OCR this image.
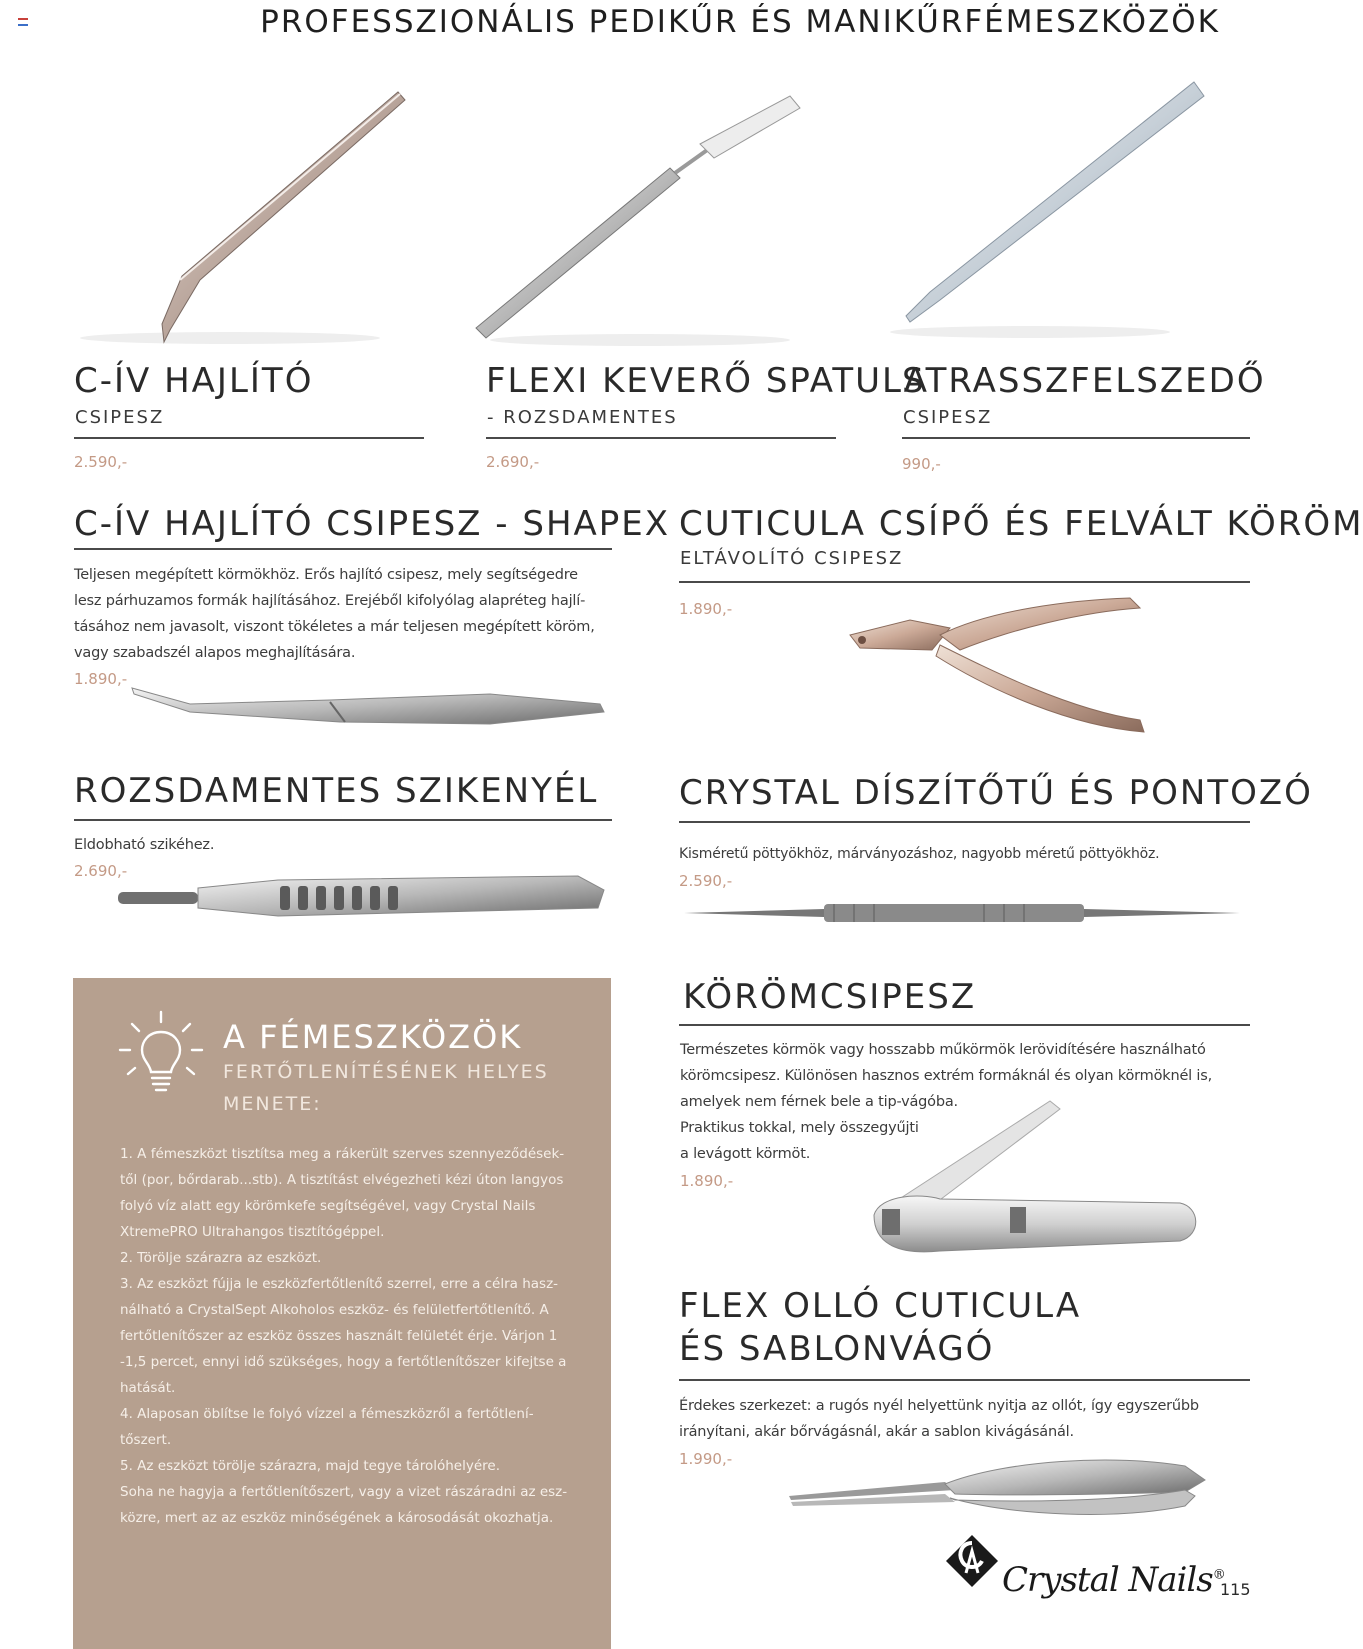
PROFESSZIONÁLIS PEDIKŰR ÉS MANIKŰRFÉMESZKÖZÖK
C-ÍV HAJLÍTÓ
CSIPESZ
2.590,-
FLEXI KEVERŐ SPATULA
- ROZSDAMENTES
2.690,-
STRASSZFELSZEDŐ
CSIPESZ
990,-
C-ÍV HAJLÍTÓ CSIPESZ - SHAPEX
Teljesen megépített körmökhöz. Erős hajlító csipesz, mely segítségedre
lesz párhuzamos formák hajlításához. Erejéből kifolyólag alapréteg hajlí-
tásához nem javasolt, viszont tökéletes a már teljesen megépített köröm,
vagy szabadszél alapos meghajlítására.
1.890,-
CUTICULA CSÍPŐ ÉS FELVÁLT KÖRÖM
ELTÁVOLÍTÓ CSIPESZ
1.890,-
ROZSDAMENTES SZIKENYÉL
Eldobható szikéhez.
2.690,-
CRYSTAL DÍSZÍTŐTŰ ÉS PONTOZÓ
Kisméretű pöttyökhöz, márványozáshoz, nagyobb méretű pöttyökhöz.
2.590,-
A FÉMESZKÖZÖK
FERTŐTLENÍTÉSÉNEK HELYES
MENETE:

1. A fémeszközt tisztítsa meg a rákerült szerves szennyeződések-

től (por, bőrdarab...stb). A tisztítást elvégezheti kézi úton langyos

folyó víz alatt egy körömkefe segítségével, vagy Crystal Nails

XtremePRO Ultrahangos tisztítógéppel.

2. Törölje szárazra az eszközt.

3. Az eszközt fújja le eszközfertőtlenítő szerrel, erre a célra hasz-

nálható a CrystalSept Alkoholos eszköz- és felületfertőtlenítő. A

fertőtlenítőszer az eszköz összes használt felületét érje. Várjon 1

-1,5 percet, ennyi idő szükséges, hogy a fertőtlenítőszer kifejtse a

hatását.

4. Alaposan öblítse le folyó vízzel a fémeszközről a fertőtlení-

tőszert.

5. Az eszközt törölje szárazra, majd tegye tárolóhelyére.

Soha ne hagyja a fertőtlenítőszert, vagy a vizet rászáradni az esz-

közre, mert az az eszköz minőségének a károsodását okozhatja.

KÖRÖMCSIPESZ
Természetes körmök vagy hosszabb műkörmök lerövidítésére használható
körömcsipesz. Különösen hasznos extrém formáknál és olyan körmöknél is,
amelyek nem férnek bele a tip-vágóba.
Praktikus tokkal, mely összegyűjti
a levágott körmöt.
1.890,-
FLEX OLLÓ CUTICULA
ÉS SABLONVÁGÓ
Érdekes szerkezet: a rugós nyél helyettünk nyitja az ollót, így egyszerűbb
irányítani, akár bőrvágásnál, akár a sablon kivágásánál.
1.990,-
Crystal Nails®
115
